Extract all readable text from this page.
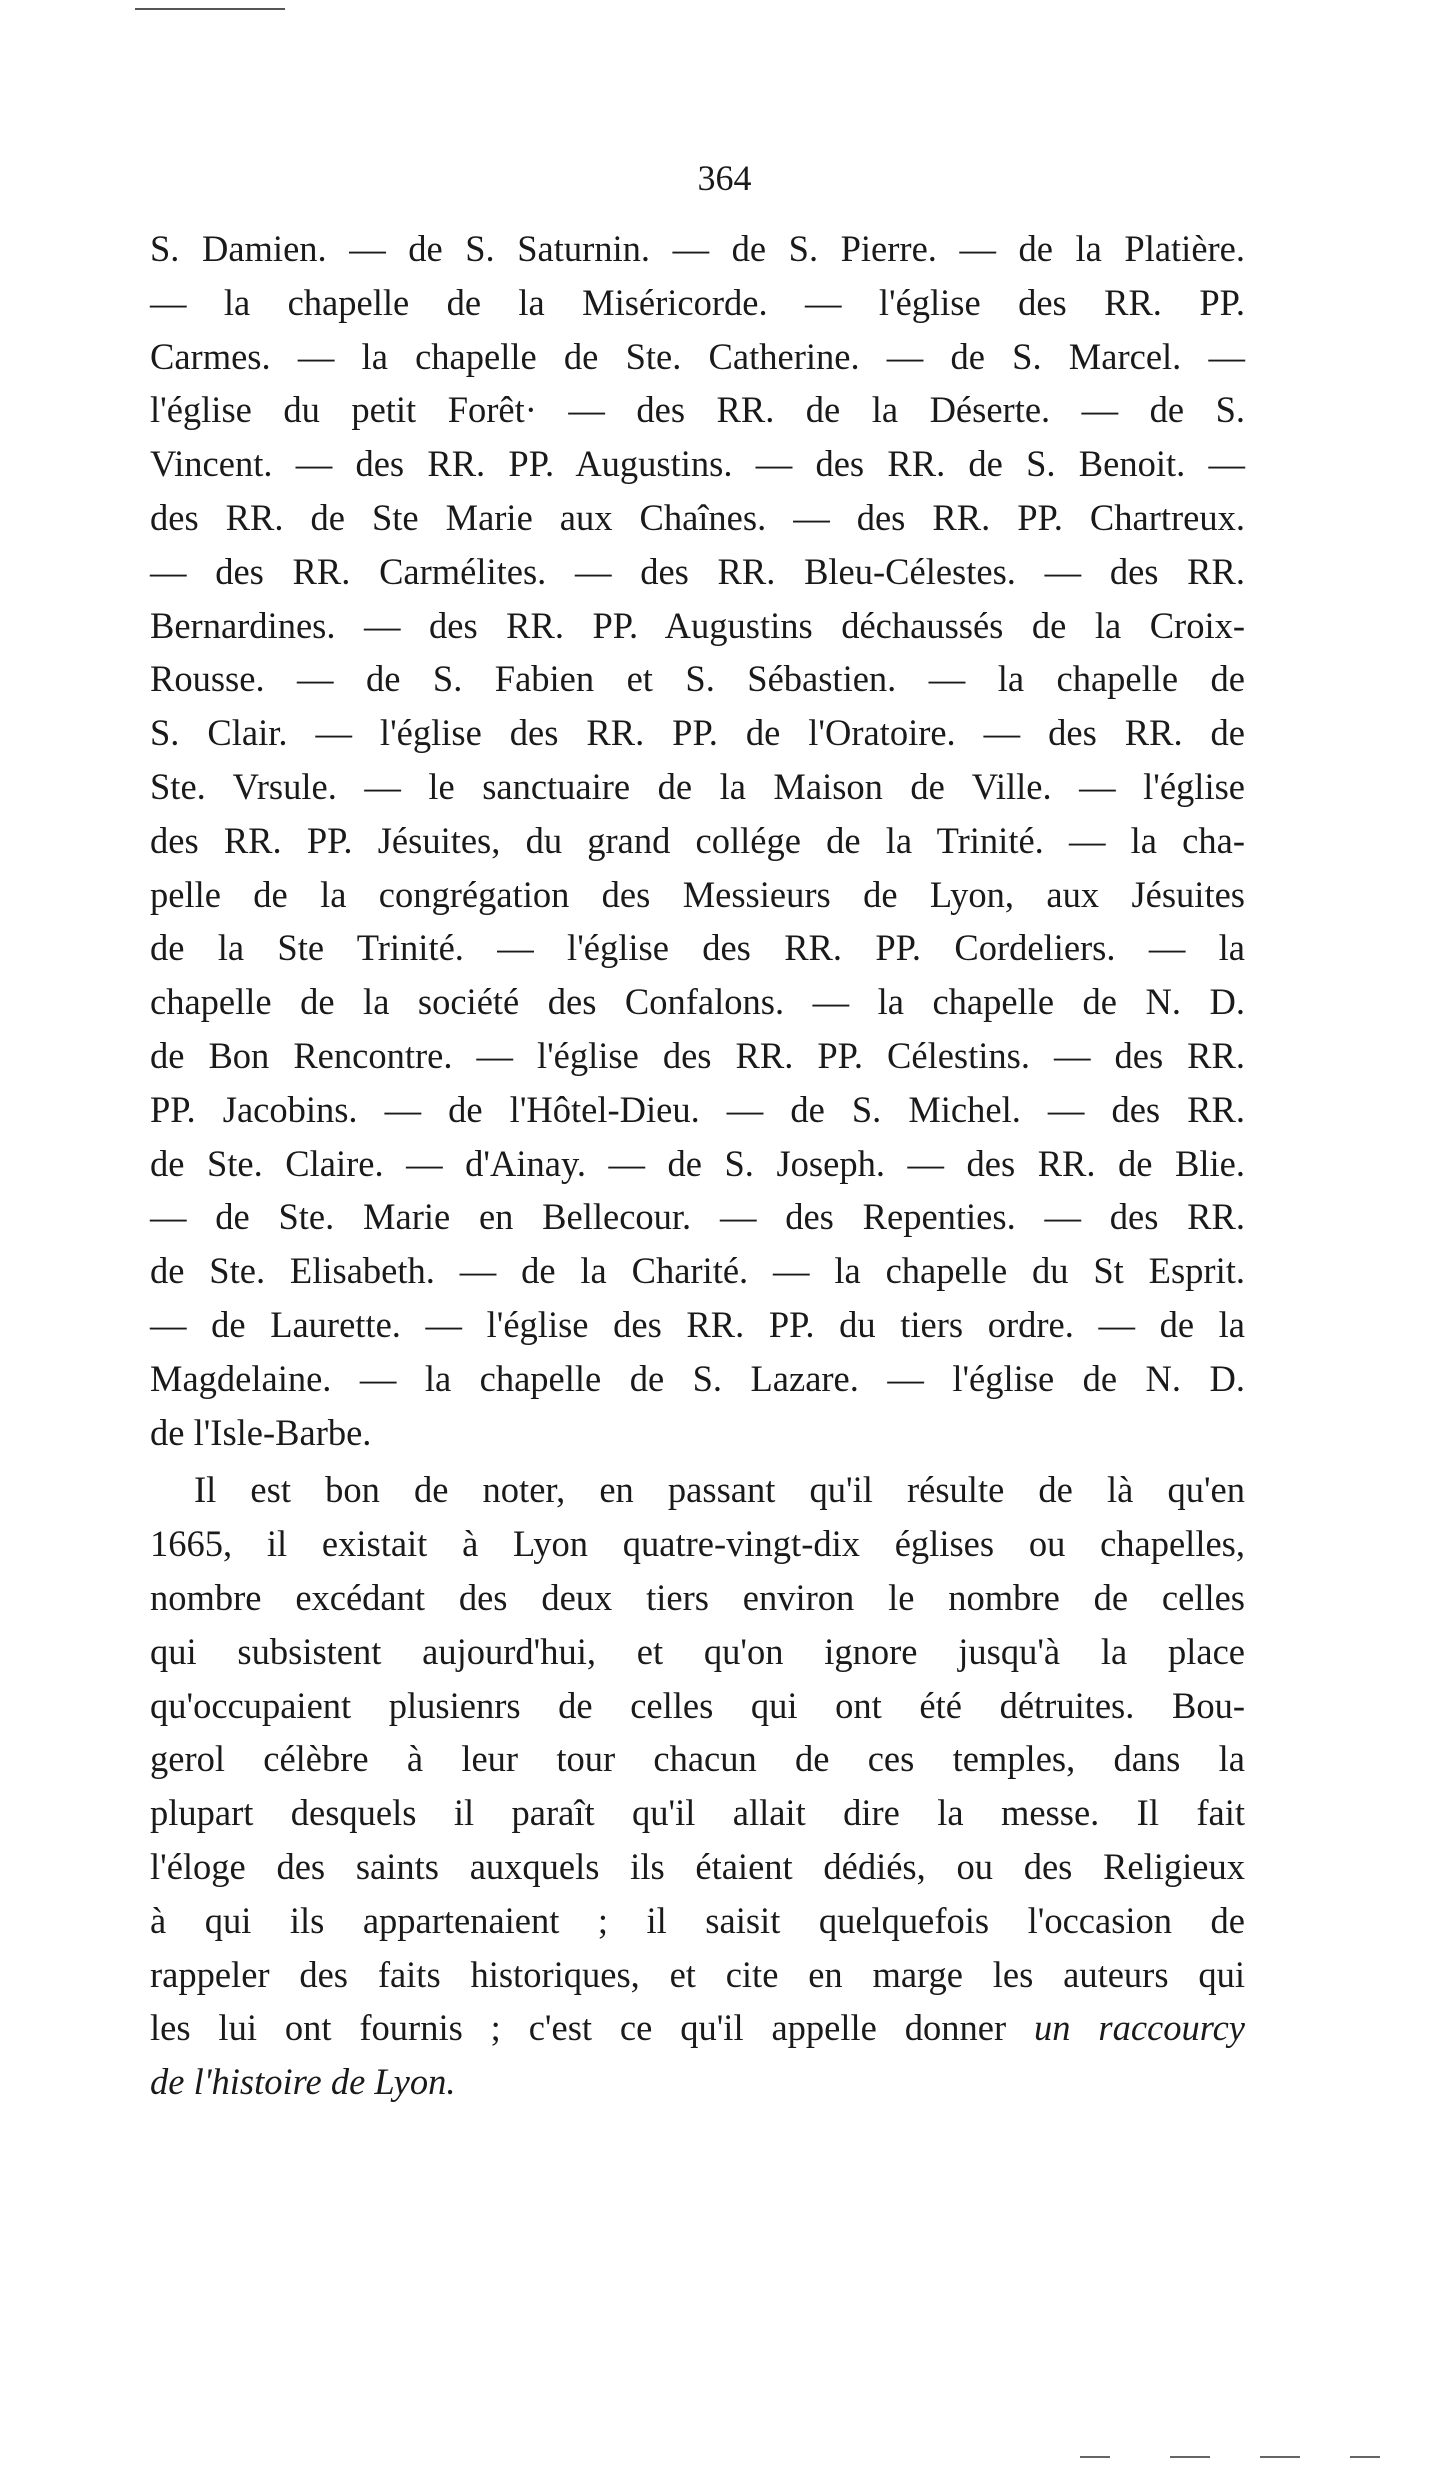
364
S. Damien. — de S. Saturnin. — de S. Pierre. — de la Platière.
— la chapelle de la Miséricorde. — l'église des RR. PP.
Carmes. — la chapelle de Ste. Catherine. — de S. Marcel. —
l'église du petit Forêt· — des RR. de la Déserte. — de S.
Vincent. — des RR. PP. Augustins. — des RR. de S. Benoit. —
des RR. de Ste Marie aux Chaînes. — des RR. PP. Chartreux.
— des RR. Carmélites. — des RR. Bleu-Célestes. — des RR.
Bernardines. — des RR. PP. Augustins déchaussés de la Croix-
Rousse. — de S. Fabien et S. Sébastien. — la chapelle de
S. Clair. — l'église des RR. PP. de l'Oratoire. — des RR. de
Ste. Vrsule. — le sanctuaire de la Maison de Ville. — l'église
des RR. PP. Jésuites, du grand collége de la Trinité. — la cha-
pelle de la congrégation des Messieurs de Lyon, aux Jésuites
de la Ste Trinité. — l'église des RR. PP. Cordeliers. — la
chapelle de la société des Confalons. — la chapelle de N. D.
de Bon Rencontre. — l'église des RR. PP. Célestins. — des RR.
PP. Jacobins. — de l'Hôtel-Dieu. — de S. Michel. — des RR.
de Ste. Claire. — d'Ainay. — de S. Joseph. — des RR. de Blie.
— de Ste. Marie en Bellecour. — des Repenties. — des RR.
de Ste. Elisabeth. — de la Charité. — la chapelle du St Esprit.
— de Laurette. — l'église des RR. PP. du tiers ordre. — de la
Magdelaine. — la chapelle de S. Lazare. — l'église de N. D.
de l'Isle-Barbe.
Il est bon de noter, en passant qu'il résulte de là qu'en
1665, il existait à Lyon quatre-vingt-dix églises ou chapelles,
nombre excédant des deux tiers environ le nombre de celles
qui subsistent aujourd'hui, et qu'on ignore jusqu'à la place
qu'occupaient plusienrs de celles qui ont été détruites. Bou-
gerol célèbre à leur tour chacun de ces temples, dans la
plupart desquels il paraît qu'il allait dire la messe. Il fait
l'éloge des saints auxquels ils étaient dédiés, ou des Religieux
à qui ils appartenaient ; il saisit quelquefois l'occasion de
rappeler des faits historiques, et cite en marge les auteurs qui
les lui ont fournis ; c'est ce qu'il appelle donner un raccourcy
de l'histoire de Lyon.
